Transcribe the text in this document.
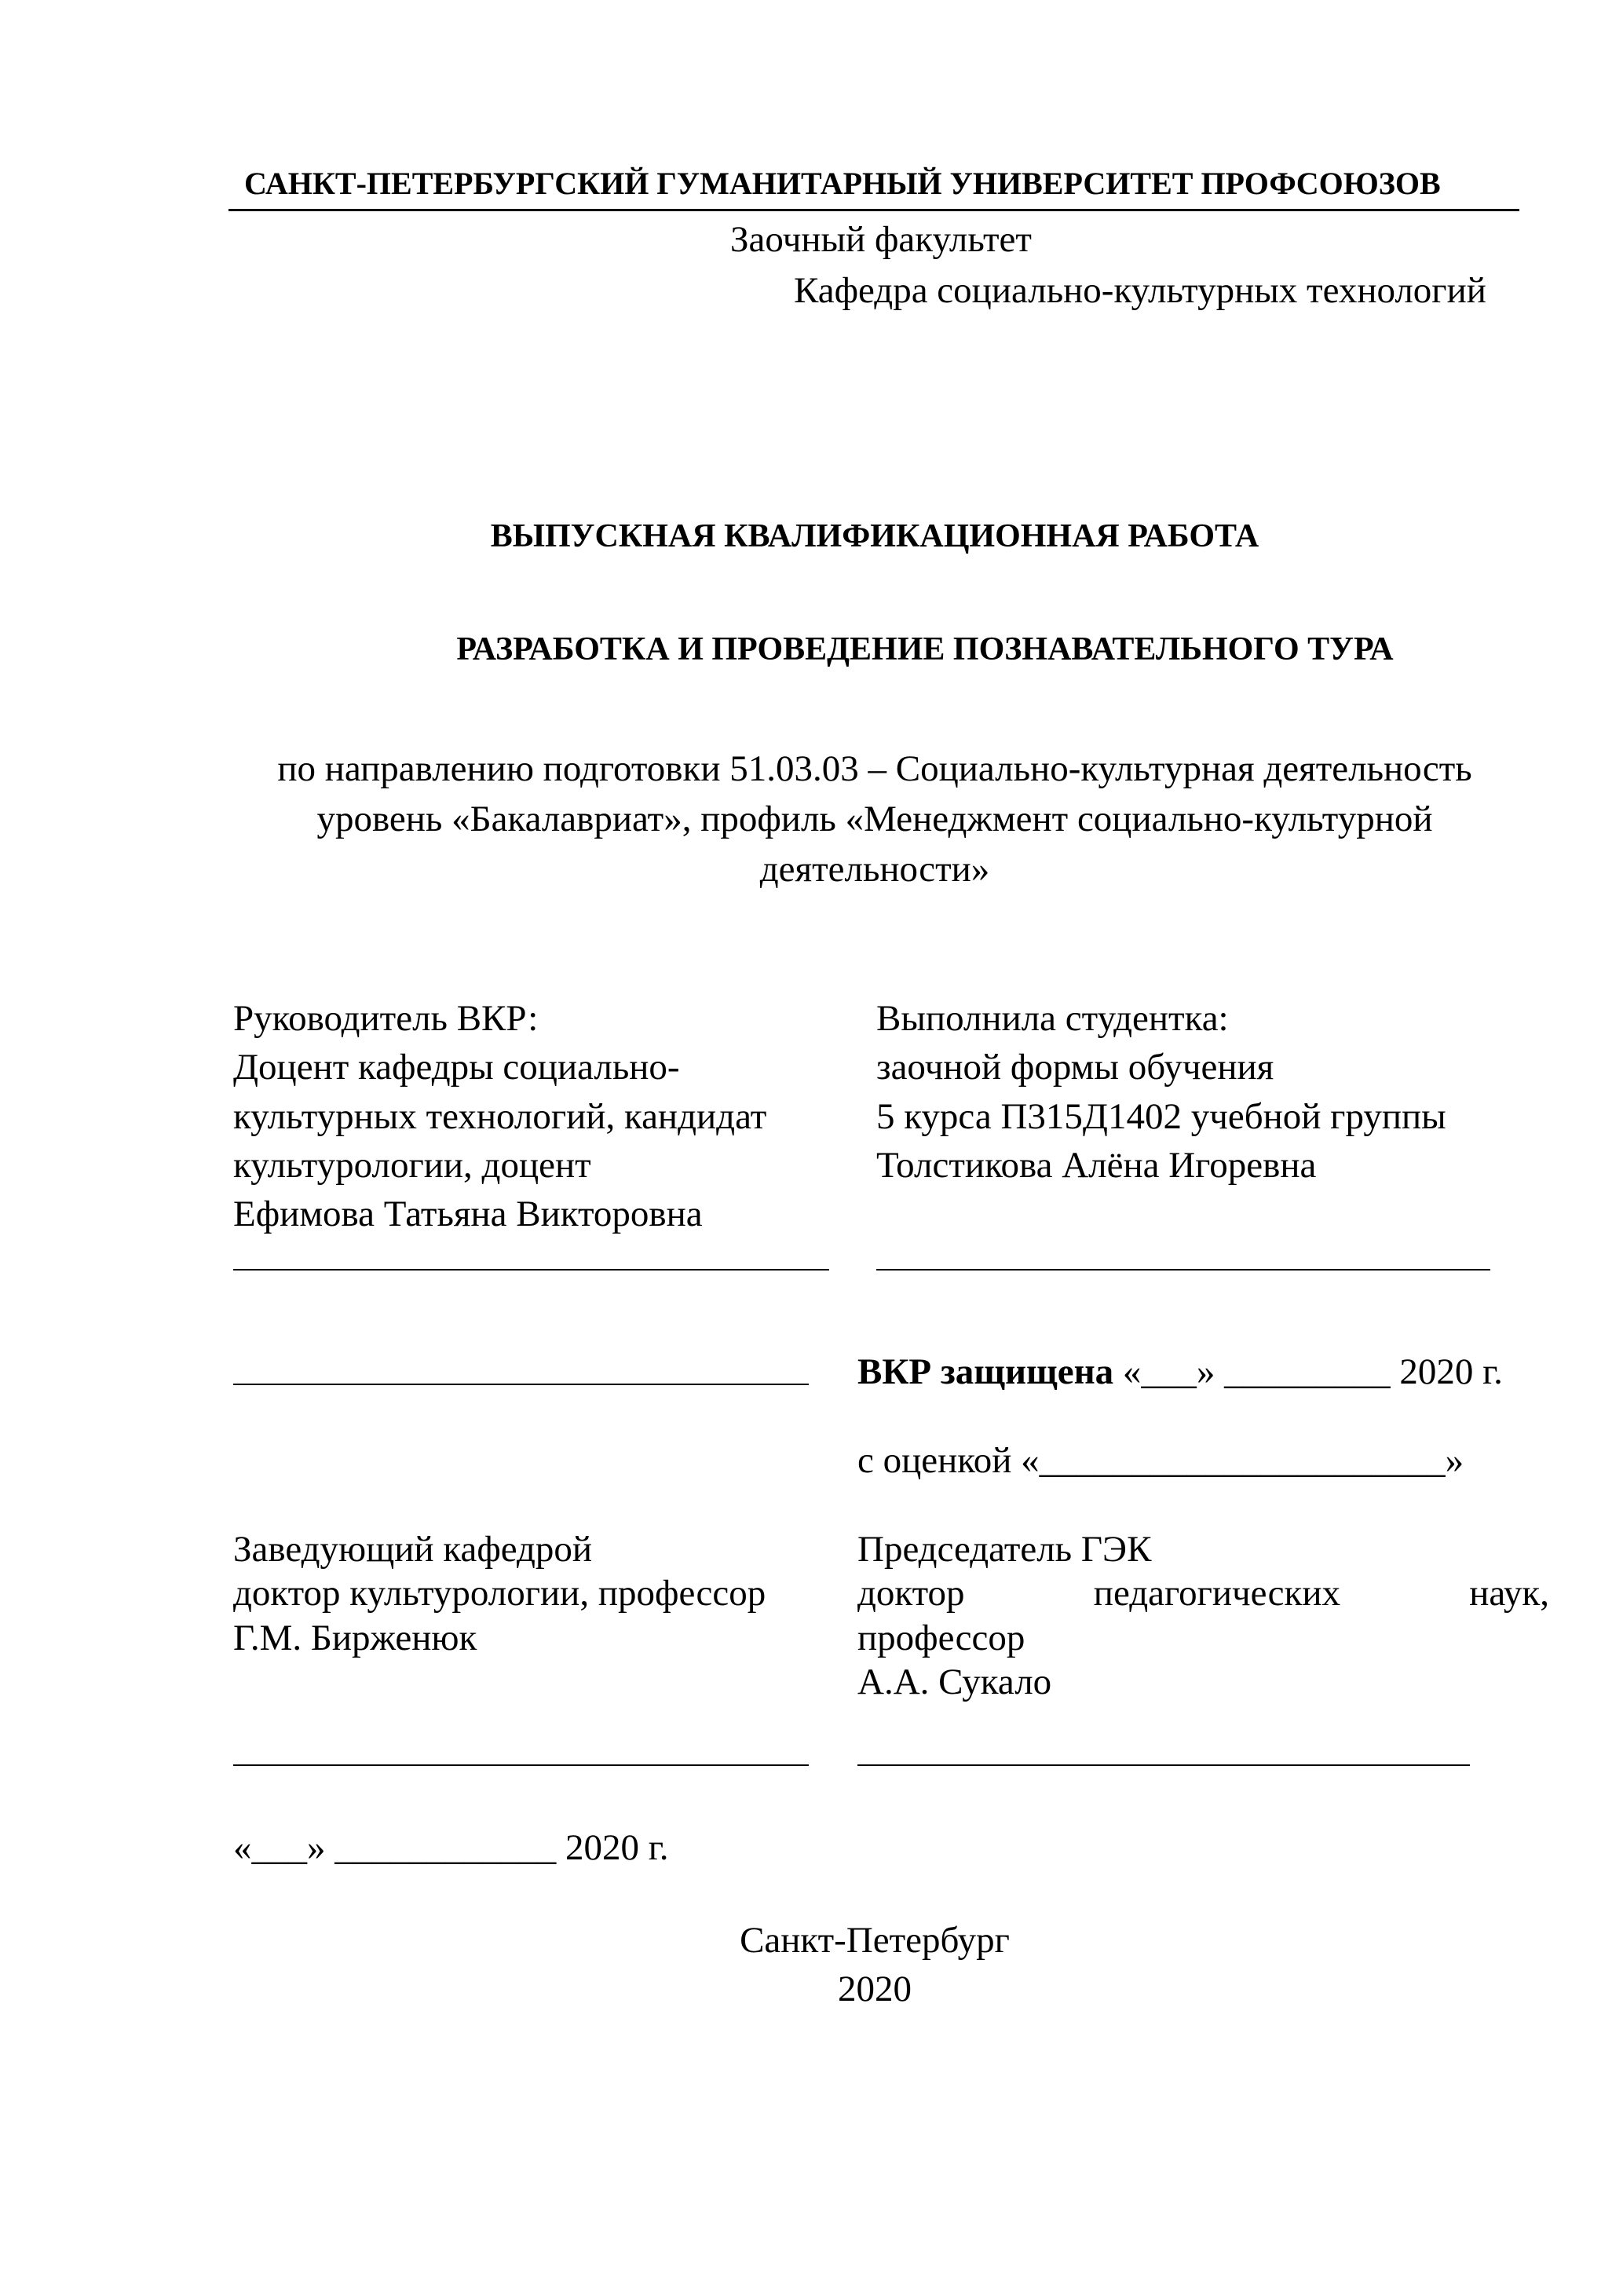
САНКТ-ПЕТЕРБУРГСКИЙ ГУМАНИТАРНЫЙ УНИВЕРСИТЕТ ПРОФСОЮЗОВ
Заочный факультет
Кафедра социально-культурных технологий
ВЫПУСКНАЯ КВАЛИФИКАЦИОННАЯ РАБОТА
РАЗРАБОТКА И ПРОВЕДЕНИЕ ПОЗНАВАТЕЛЬНОГО ТУРА
по направлению подготовки 51.03.03 – Социально-культурная деятельность
уровень «Бакалавриат», профиль «Менеджмент социально-культурной
деятельности»
Руководитель ВКР:
Доцент кафедры социально-
культурных технологий, кандидат
культурологии, доцент
Ефимова Татьяна Викторовна
Выполнила студентка:
заочной формы обучения
5 курса П315Д1402 учебной группы
Толстикова Алёна Игоревна
ВКР защищена «___» _________ 2020 г.
с оценкой «______________________»
Заведующий кафедрой
доктор культурологии, профессор
Г.М. Бирженюк
«___» ____________ 2020 г.
Председатель ГЭК
доктор педагогических наук,
профессор
А.А. Сукало
Санкт-Петербург
2020
